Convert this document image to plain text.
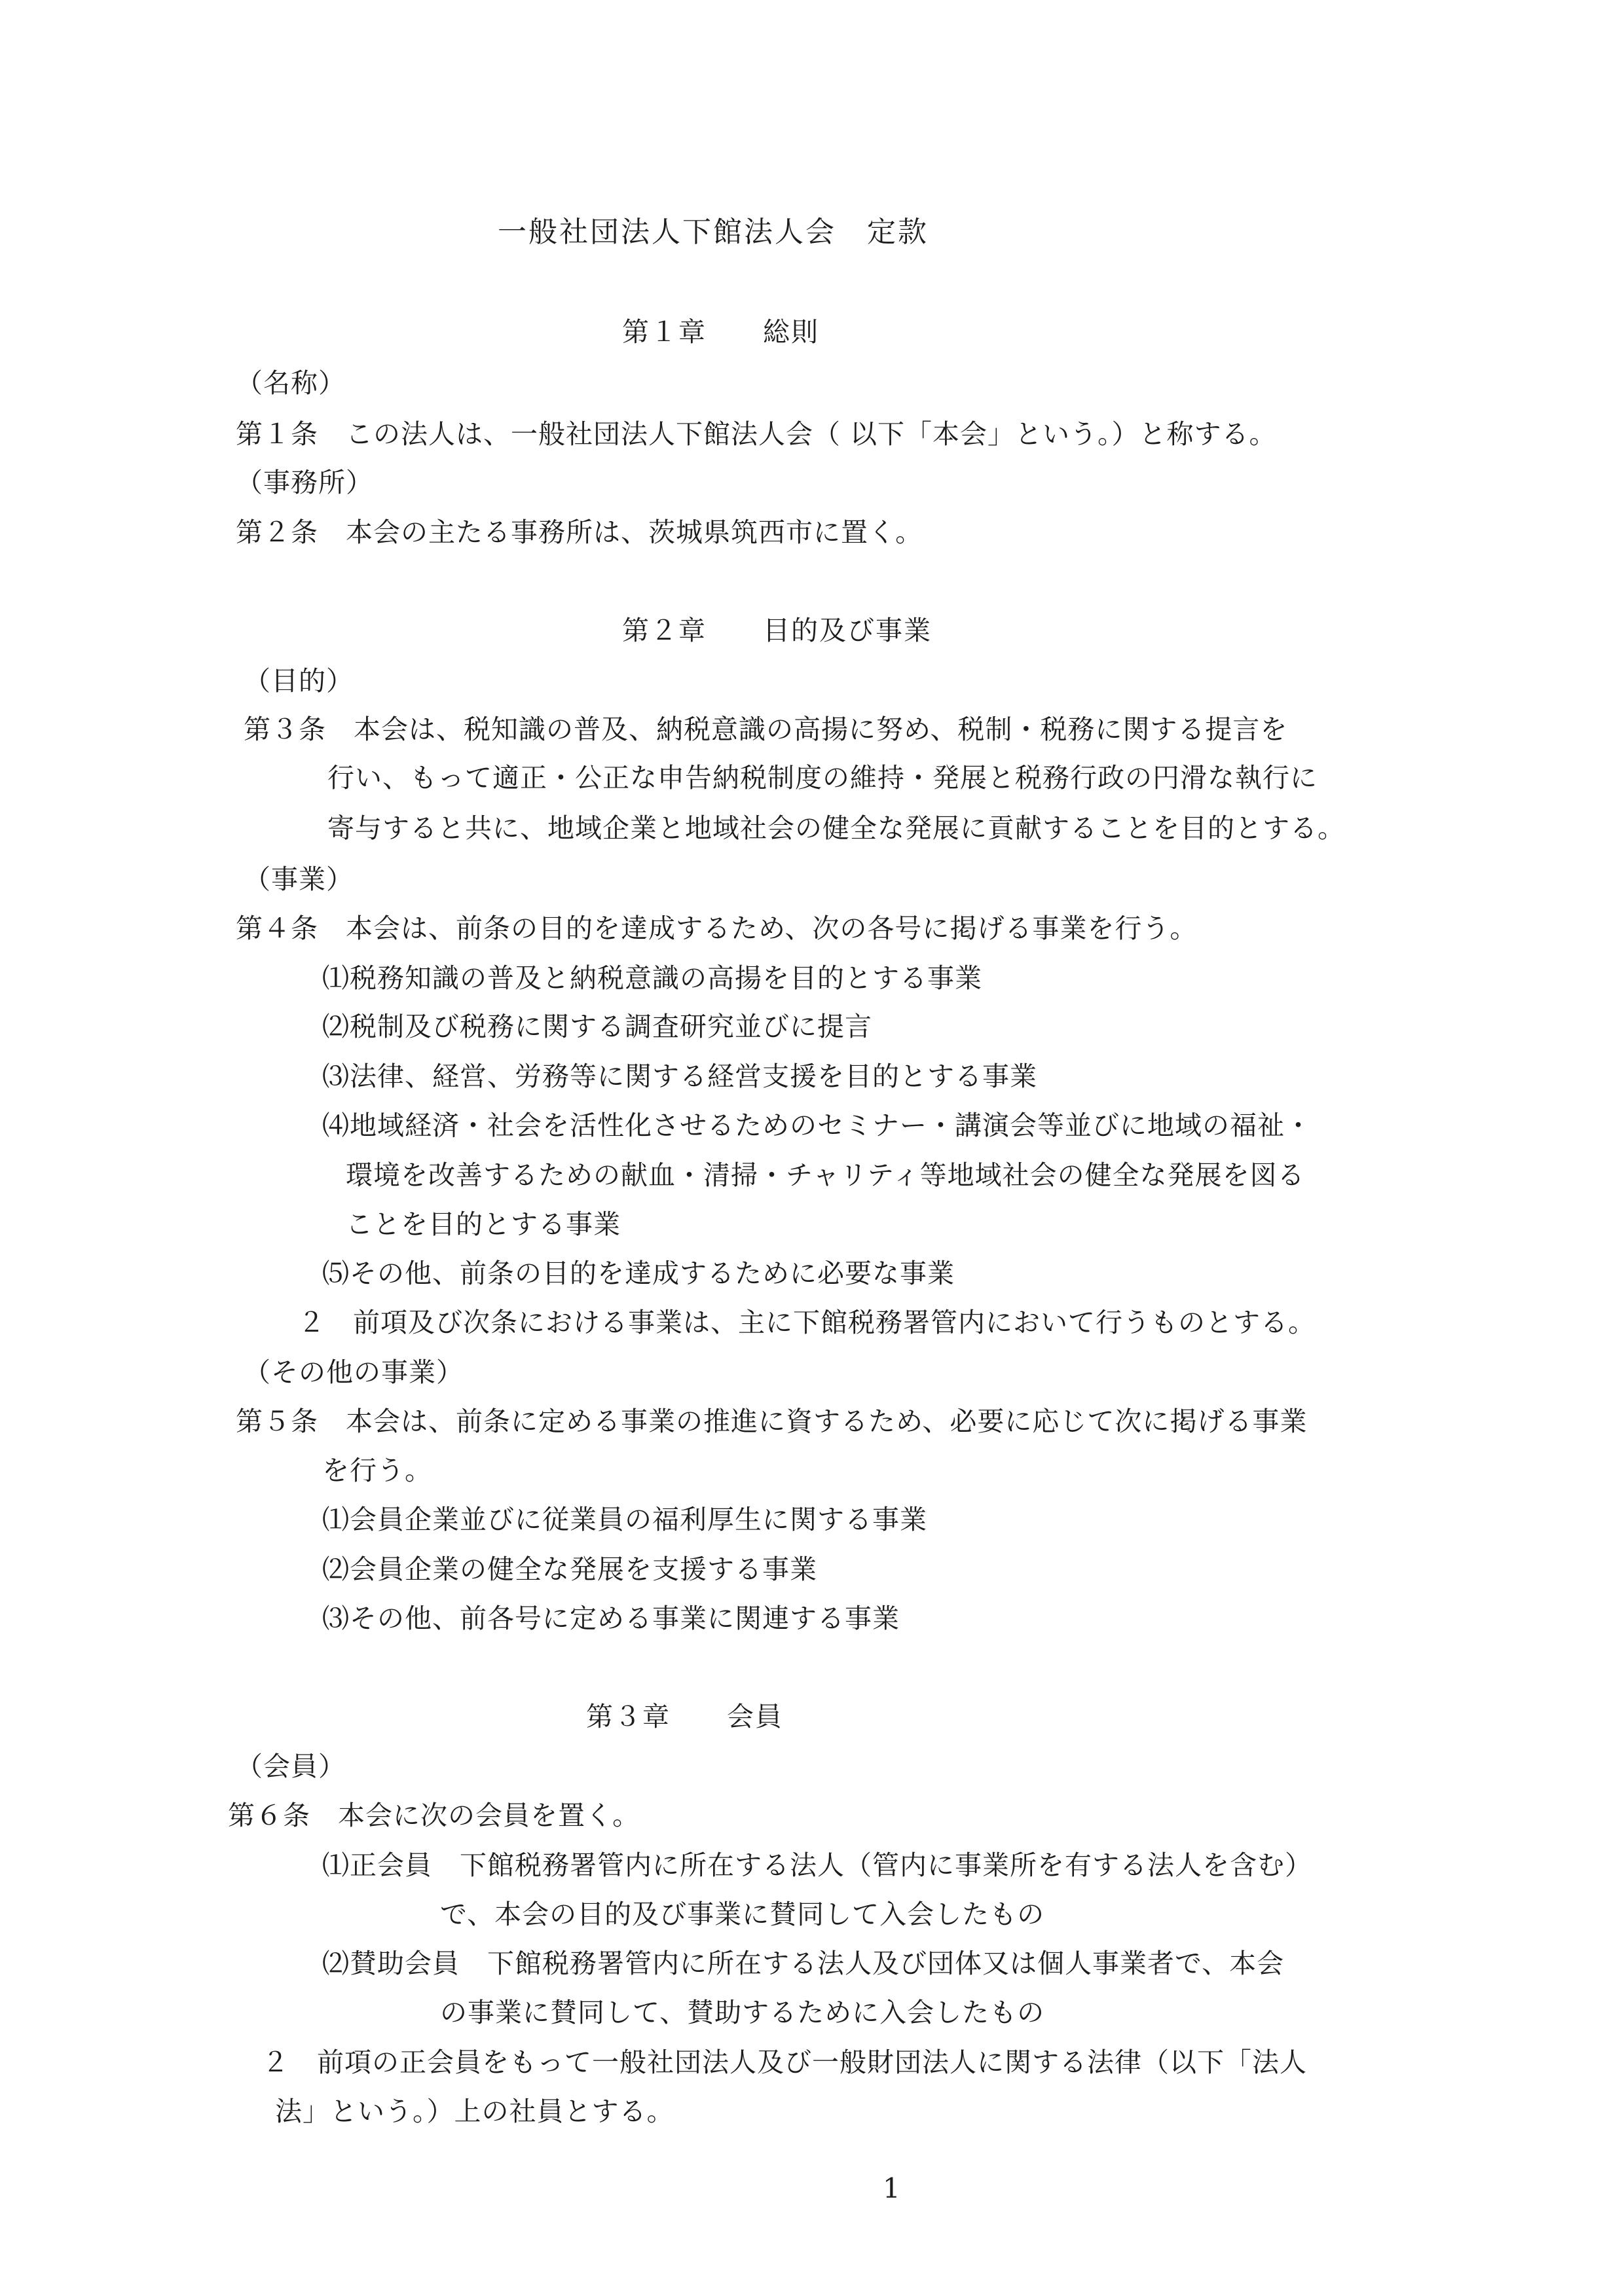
一般社団法人下館法人会　定款
第１章　　総則
（名称）
第１条　この法人は、一般社団法人下館法人会（ 以下「本会」という。）と称する。
（事務所）
第２条　本会の主たる事務所は、茨城県筑西市に置く。
第２章　　目的及び事業
（目的）
第３条　本会は、税知識の普及、納税意識の高揚に努め、税制・税務に関する提言を
行い、もって適正・公正な申告納税制度の維持・発展と税務行政の円滑な執行に
寄与すると共に、地域企業と地域社会の健全な発展に貢献することを目的とする。
（事業）
第４条　本会は、前条の目的を達成するため、次の各号に掲げる事業を行う。
⑴税務知識の普及と納税意識の高揚を目的とする事業
⑵税制及び税務に関する調査研究並びに提言
⑶法律、経営、労務等に関する経営支援を目的とする事業
⑷地域経済・社会を活性化させるためのセミナー・講演会等並びに地域の福祉・
環境を改善するための献血・清掃・チャリティ等地域社会の健全な発展を図る
ことを目的とする事業
⑸その他、前条の目的を達成するために必要な事業
２　前項及び次条における事業は、主に下館税務署管内において行うものとする。
（その他の事業）
第５条　本会は、前条に定める事業の推進に資するため、必要に応じて次に掲げる事業
を行う。
⑴会員企業並びに従業員の福利厚生に関する事業
⑵会員企業の健全な発展を支援する事業
⑶その他、前各号に定める事業に関連する事業
第３章　　会員
（会員）
第６条　本会に次の会員を置く。
⑴正会員　下館税務署管内に所在する法人（管内に事業所を有する法人を含む）
で、本会の目的及び事業に賛同して入会したもの
⑵賛助会員　下館税務署管内に所在する法人及び団体又は個人事業者で、本会
の事業に賛同して、賛助するために入会したもの
２　前項の正会員をもって一般社団法人及び一般財団法人に関する法律（以下「法人
法」という。）上の社員とする。
1
